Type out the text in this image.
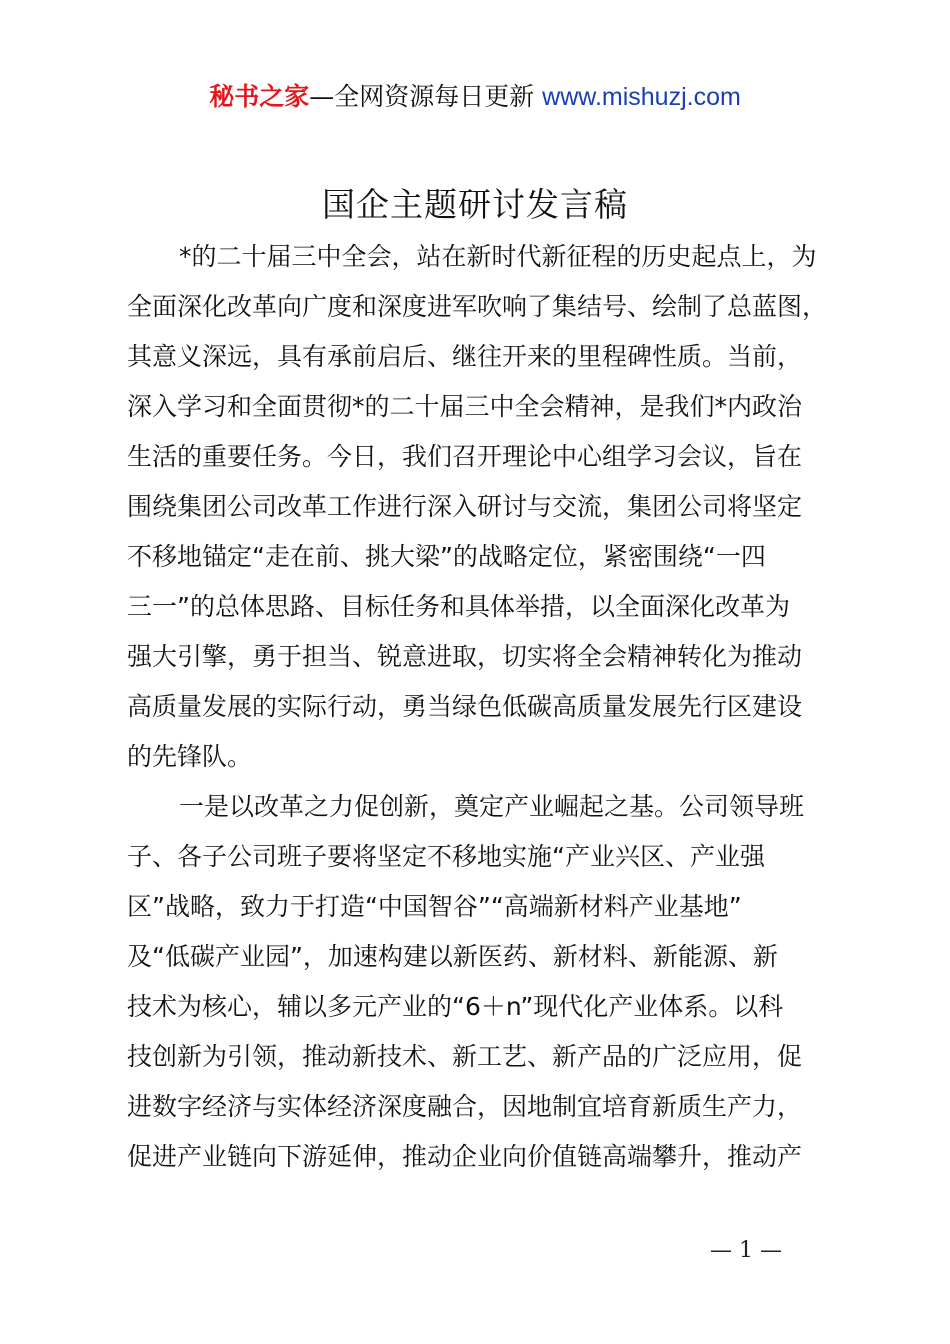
秘书之家—全网资源每日更新 www.mishuzj.com
国企主题研讨发言稿
*的二十届三中全会，站在新时代新征程的历史起点上，为
全面深化改革向广度和深度进军吹响了集结号、绘制了总蓝图，
其意义深远，具有承前启后、继往开来的里程碑性质。当前，
深入学习和全面贯彻*的二十届三中全会精神，是我们*内政治
生活的重要任务。今日，我们召开理论中心组学习会议，旨在
围绕集团公司改革工作进行深入研讨与交流，集团公司将坚定
不移地锚定“走在前、挑大梁”的战略定位，紧密围绕“一四
三一”的总体思路、目标任务和具体举措，以全面深化改革为
强大引擎，勇于担当、锐意进取，切实将全会精神转化为推动
高质量发展的实际行动，勇当绿色低碳高质量发展先行区建设
的先锋队。
一是以改革之力促创新，奠定产业崛起之基。公司领导班
子、各子公司班子要将坚定不移地实施“产业兴区、产业强
区”战略，致力于打造“中国智谷”“高端新材料产业基地”
及“低碳产业园”，加速构建以新医药、新材料、新能源、新
技术为核心，辅以多元产业的“6＋n”现代化产业体系。以科
技创新为引领，推动新技术、新工艺、新产品的广泛应用，促
进数字经济与实体经济深度融合，因地制宜培育新质生产力，
促进产业链向下游延伸，推动企业向价值链高端攀升，推动产
— 1 —
